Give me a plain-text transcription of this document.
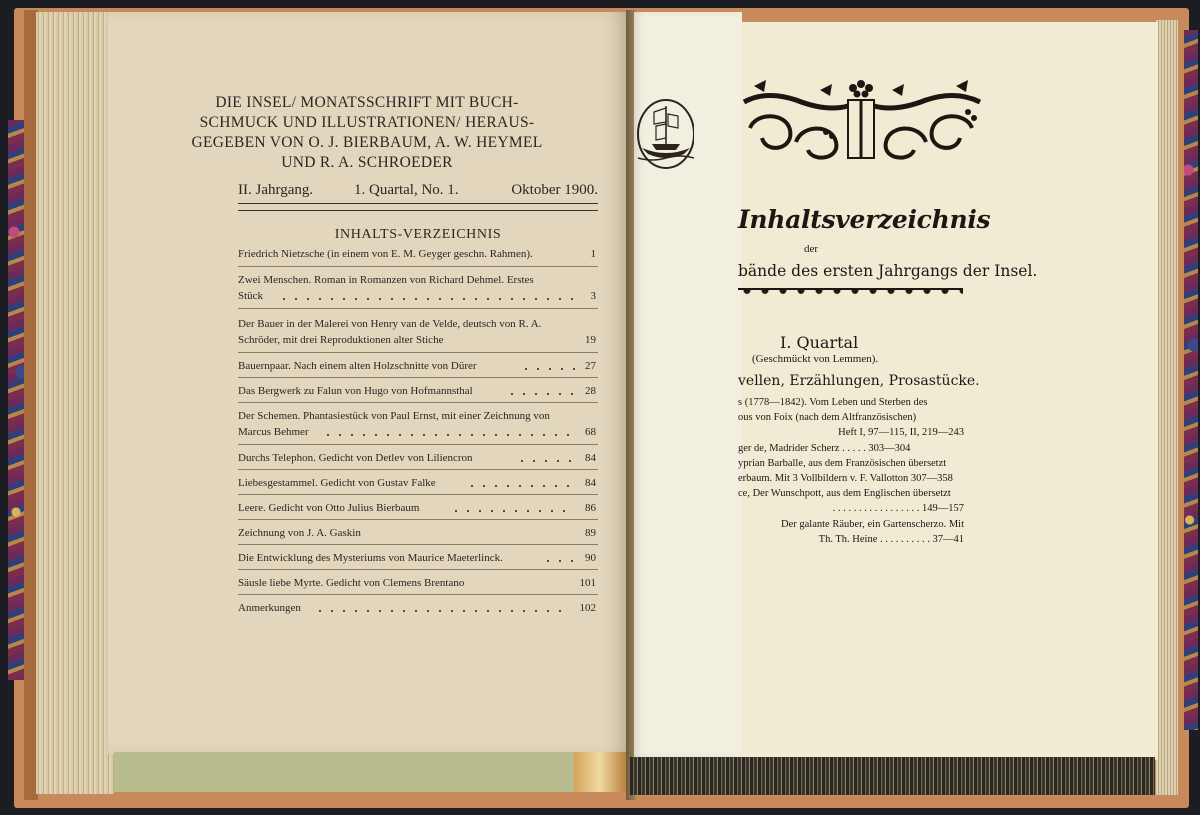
DIE INSEL/ MONATSSCHRIFT MIT BUCH-
SCHMUCK UND ILLUSTRATIONEN/ HERAUS-
GEGEBEN VON O. J. BIERBAUM, A. W. HEYMEL
UND R. A. SCHROEDER
II. Jahrgang.	1. Quartal, No. 1.	Oktober 1900.
INHALTS-VERZEICHNIS
Friedrich Nietzsche (in einem von E. M. Geyger geschn. Rahmen).	1
Zwei Menschen. Roman in Romanzen von Richard Dehmel. Erstes
Stück	3
Der Bauer in der Malerei von Henry van de Velde, deutsch von R. A.
Schröder, mit drei Reproduktionen alter Stiche	19
Bauernpaar. Nach einem alten Holzschnitte von Dürer	27
Das Bergwerk zu Falun von Hugo von Hofmannsthal	28
Der Schemen. Phantasiestück von Paul Ernst, mit einer Zeichnung von
Marcus Behmer	68
Durchs Telephon. Gedicht von Detlev von Liliencron	84
Liebesgestammel. Gedicht von Gustav Falke	84
Leere. Gedicht von Otto Julius Bierbaum	86
Zeichnung von J. A. Gaskin	89
Die Entwicklung des Mysteriums von Maurice Maeterlinck.	90
Säusle liebe Myrte. Gedicht von Clemens Brentano	101
Anmerkungen	102
Inhaltsverzeichnis
der
bände des ersten Jahrgangs der Insel.
I. Quartal
(Geschmückt von Lemmen).
vellen, Erzählungen, Prosastücke.
s (1778—1842). Vom Leben und Sterben des
ous von Foix (nach dem Altfranzösischen)
Heft I, 97—115, II, 219—243
ger de, Madrider Scherz . . . . . 303—304
yprian Barballe, aus dem Französischen übersetzt
erbaum. Mit 3 Vollbildern v. F. Vallotton 307—358
ce, Der Wunschpott, aus dem Englischen übersetzt
. . . . . . . . . . . . . . . . . 149—157
Der galante Räuber, ein Gartenscherzo. Mit
Th. Th. Heine . . . . . . . . . . 37—41
